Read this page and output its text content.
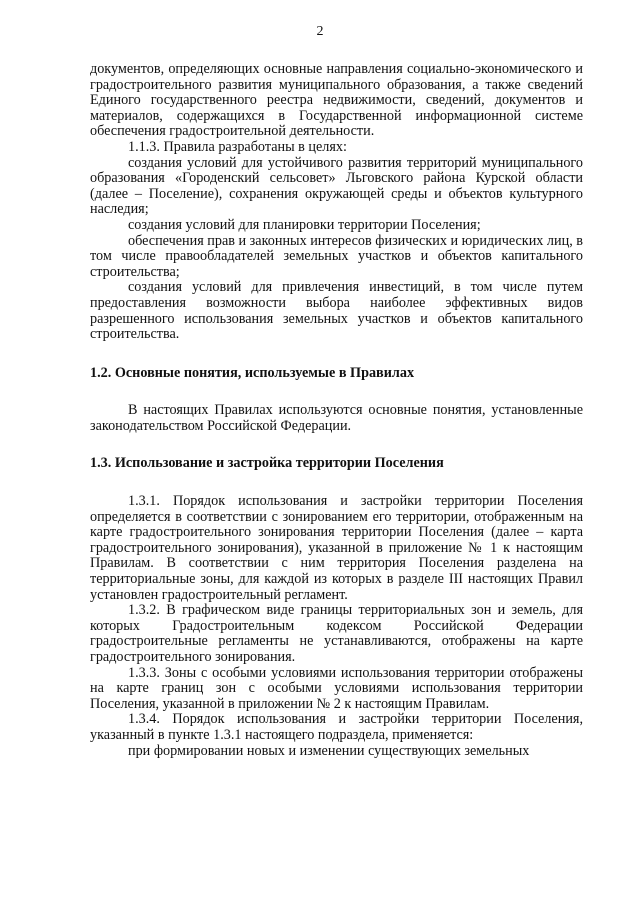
2

документов, определяющих основные направления социально-экономического и градостроительного развития муниципального образования, а также сведений Единого государственного реестра недвижимости, сведений, документов и материалов, содержащихся в Государственной информационной системе обеспечения градостроительной деятельности.

1.1.3. Правила разработаны в целях:

создания условий для устойчивого развития территорий муниципального образования «Городенский сельсовет» Льговского района Курской области (далее – Поселение), сохранения окружающей среды и объектов культурного наследия;

создания условий для планировки территории Поселения;

обеспечения прав и законных интересов физических и юридических лиц, в том числе правообладателей земельных участков и объектов капитального строительства;

создания условий для привлечения инвестиций, в том числе путем предоставления возможности выбора наиболее эффективных видов разрешенного использования земельных участков и объектов капитального строительства.

1.2. Основные понятия, используемые в Правилах

В настоящих Правилах используются основные понятия, установленные законодательством Российской Федерации.

1.3. Использование и застройка территории Поселения

1.3.1. Порядок использования и застройки территории Поселения определяется в соответствии с зонированием его территории, отображенным на карте градостроительного зонирования территории Поселения (далее – карта градостроительного зонирования), указанной в приложение № 1 к настоящим Правилам. В соответствии с ним территория Поселения разделена на территориальные зоны, для каждой из которых в разделе III настоящих Правил установлен градостроительный регламент.

1.3.2. В графическом виде границы территориальных зон и земель, для которых Градостроительным кодексом Российской Федерации градостроительные регламенты не устанавливаются, отображены на карте градостроительного зонирования.

1.3.3. Зоны с особыми условиями использования территории отображены на карте границ зон с особыми условиями использования территории Поселения, указанной в приложении № 2 к настоящим Правилам.

1.3.4. Порядок использования и застройки территории Поселения, указанный в пункте 1.3.1 настоящего подраздела, применяется:

при формировании новых и изменении существующих земельных
